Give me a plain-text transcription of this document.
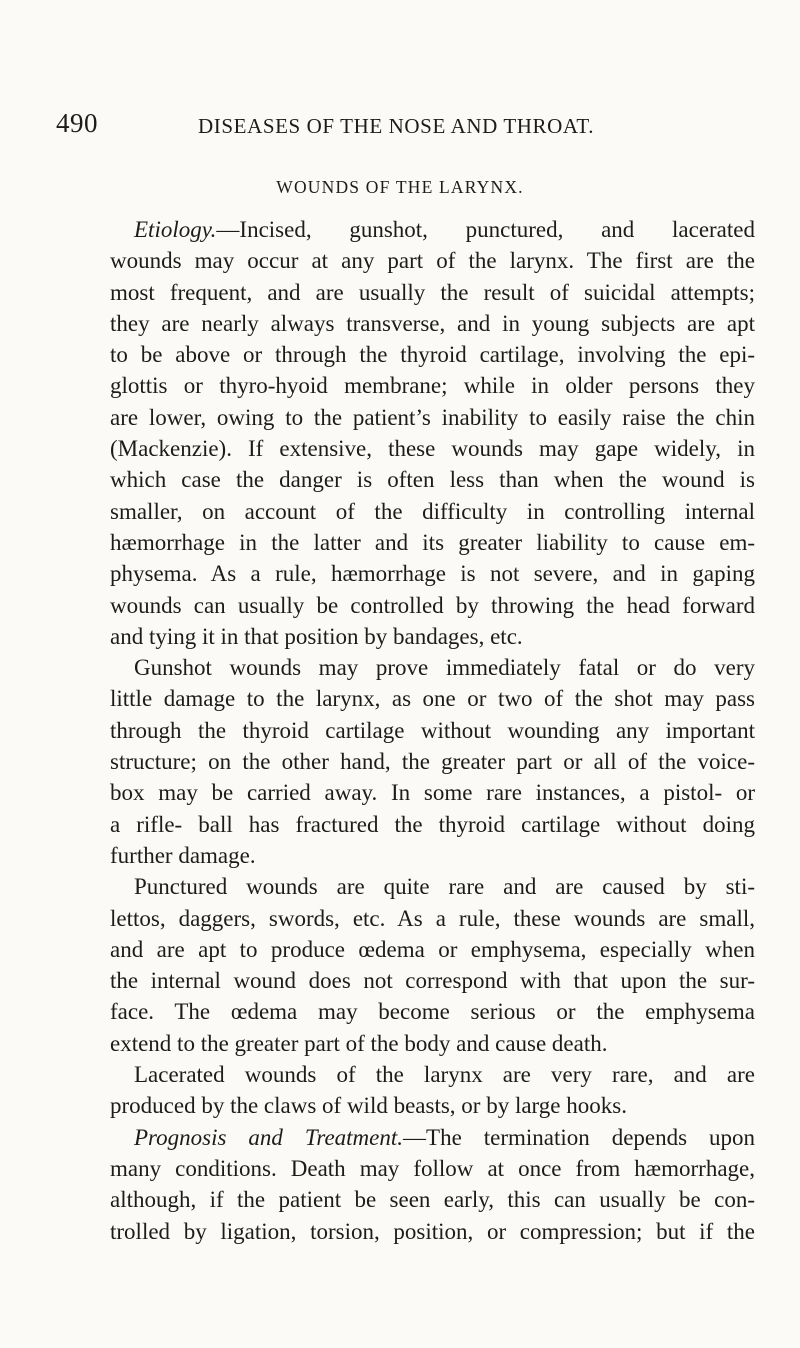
490	DISEASES OF THE NOSE AND THROAT.
WOUNDS OF THE LARYNX.
Etiology.—Incised, gunshot, punctured, and lacerated
wounds may occur at any part of the larynx. The first are the
most frequent, and are usually the result of suicidal attempts;
they are nearly always transverse, and in young subjects are apt
to be above or through the thyroid cartilage, involving the epi-
glottis or thyro-hyoid membrane; while in older persons they
are lower, owing to the patient’s inability to easily raise the chin
(Mackenzie). If extensive, these wounds may gape widely, in
which case the danger is often less than when the wound is
smaller, on account of the difficulty in controlling internal
hæmorrhage in the latter and its greater liability to cause em-
physema. As a rule, hæmorrhage is not severe, and in gaping
wounds can usually be controlled by throwing the head forward
and tying it in that position by bandages, etc.
Gunshot wounds may prove immediately fatal or do very
little damage to the larynx, as one or two of the shot may pass
through the thyroid cartilage without wounding any important
structure; on the other hand, the greater part or all of the voice-
box may be carried away. In some rare instances, a pistol- or
a rifle- ball has fractured the thyroid cartilage without doing
further damage.
Punctured wounds are quite rare and are caused by sti-
lettos, daggers, swords, etc. As a rule, these wounds are small,
and are apt to produce œdema or emphysema, especially when
the internal wound does not correspond with that upon the sur-
face. The œdema may become serious or the emphysema
extend to the greater part of the body and cause death.
Lacerated wounds of the larynx are very rare, and are
produced by the claws of wild beasts, or by large hooks.
Prognosis and Treatment.—The termination depends upon
many conditions. Death may follow at once from hæmorrhage,
although, if the patient be seen early, this can usually be con-
trolled by ligation, torsion, position, or compression; but if the
